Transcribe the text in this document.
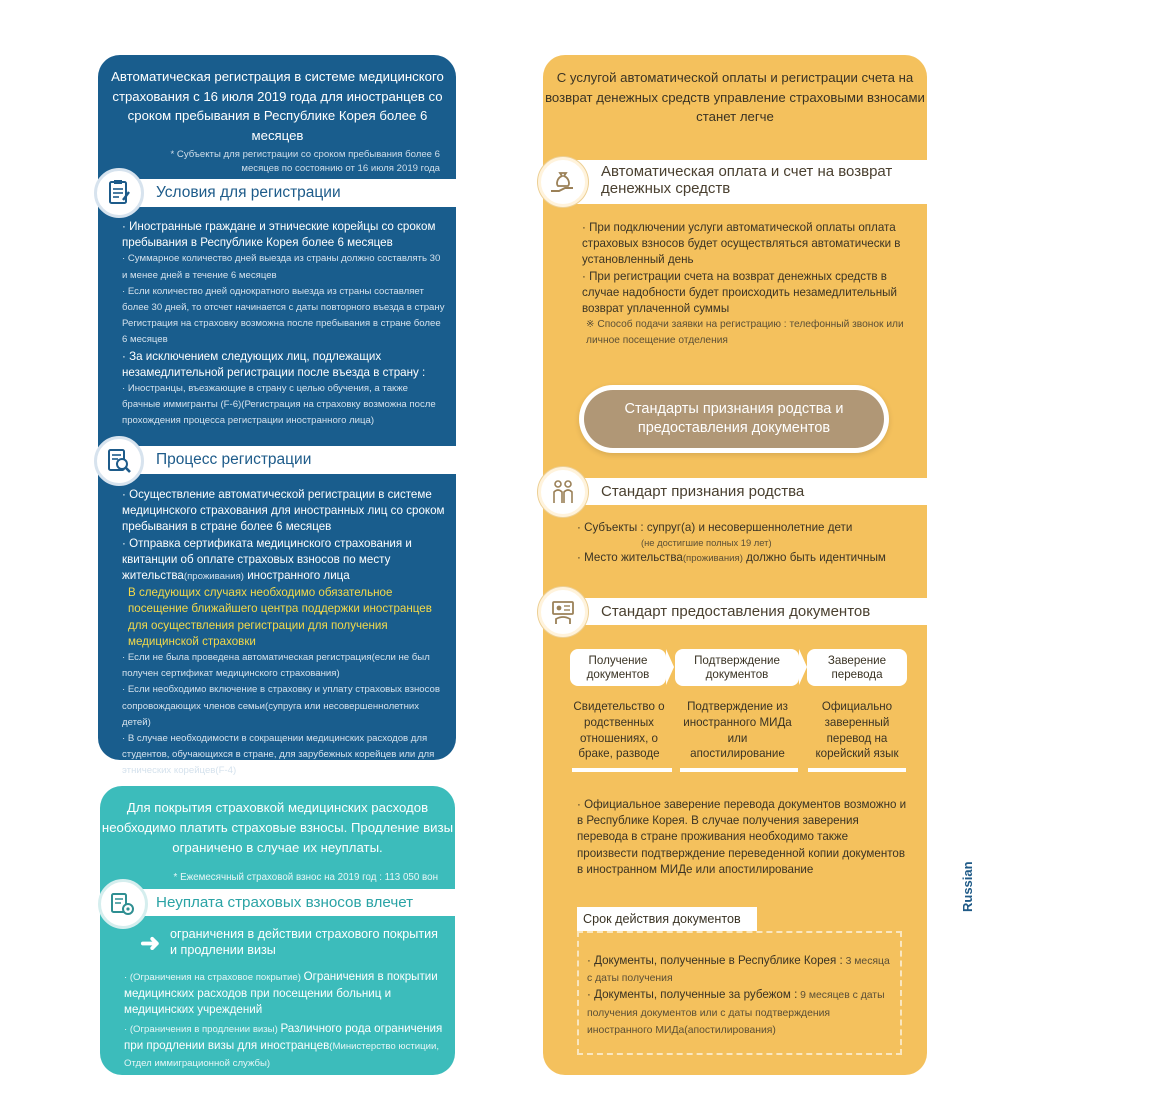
Автоматическая регистрация в системе медицинского страхования с 16 июля 2019 года для иностранцев со сроком пребывания в Республике Корея более 6 месяцев
* Субъекты для регистрации со сроком пребывания более 6 месяцев по состоянию от 16 июля 2019 года
Условия для регистрации
· Иностранные граждане и этнические корейцы со сроком пребывания в Республике Корея более 6 месяцев
· Суммарное количество дней выезда из страны должно составлять 30 и менее дней в течение 6 месяцев
· Если количество дней однократного выезда из страны составляет более 30 дней, то отсчет начинается с даты повторного въезда в страну Регистрация на страховку возможна после пребывания в стране более 6 месяцев
· За исключением следующих лиц, подлежащих незамедлительной регистрации после въезда в страну :
· Иностранцы, въезжающие в страну с целью обучения, а также брачные иммигранты (F-6)(Регистрация на страховку возможна после прохождения процесса регистрации иностранного лица)
Процесс регистрации
· Осуществление автоматической регистрации в системе медицинского страхования для иностранных лиц со сроком пребывания в стране более 6 месяцев
· Отправка сертификата медицинского страхования и квитанции об оплате страховых взносов по месту жительства(проживания) иностранного лица
В следующих случаях необходимо обязательное посещение ближайшего центра поддержки иностранцев для осуществления регистрации для получения медицинской страховки
· Если не была проведена автоматическая регистрация(если не был получен сертификат медицинского страхования)
· Если необходимо включение в страховку и уплату страховых взносов сопровождающих членов семьи(супруга или несовершеннолетних детей)
· В случае необходимости в сокращении медицинских расходов для студентов, обучающихся в стране, для зарубежных корейцев или для этнических корейцев(F-4)
Для покрытия страховкой медицинских расходов необходимо платить страховые взносы. Продление визы ограничено в случае их неуплаты.
* Ежемесячный страховой взнос на 2019 год : 113 050 вон
Неуплата страховых взносов влечет
➜ ограничения в действии страхового покрытия и продлении визы
· (Ограничения на страховое покрытие) Ограничения в покрытии медицинских расходов при посещении больниц и медицинских учреждений
· (Ограничения в продлении визы) Различного рода ограничения при продлении визы для иностранцев(Министерство юстиции, Отдел иммиграционной службы)
С услугой автоматической оплаты и регистрации счета на возврат денежных средств управление страховыми взносами станет легче
Автоматическая оплата и счет на возврат денежных средств
· При подключении услуги автоматической оплаты оплата страховых взносов будет осуществляться автоматически в установленный день
· При регистрации счета на возврат денежных средств в случае надобности будет происходить незамедлительный возврат уплаченной суммы
※ Способ подачи заявки на регистрацию : телефонный звонок или личное посещение отделения
Стандарты признания родства и предоставления документов
Стандарт признания родства
· Субъекты : супруг(а) и несовершеннолетние дети
(не достигшие полных 19 лет)
· Место жительства(проживания) должно быть идентичным
Стандарт предоставления документов
Получение документов
Подтверждение документов
Заверение перевода
Свидетельство о родственных отношениях, о браке, разводе
Подтверждение из иностранного МИДа или апостилирование
Официально заверенный перевод на корейский язык
· Официальное заверение перевода документов возможно и в Республике Корея. В случае получения заверения перевода в стране проживания необходимо также произвести подтверждение переведенной копии документов в иностранном МИДе или апостилирование
Срок действия документов
· Документы, полученные в Республике Корея : 3 месяца с даты получения
· Документы, полученные за рубежом : 9 месяцев с даты получения документов или с даты подтверждения иностранного МИДа(апостилирования)
Russian
